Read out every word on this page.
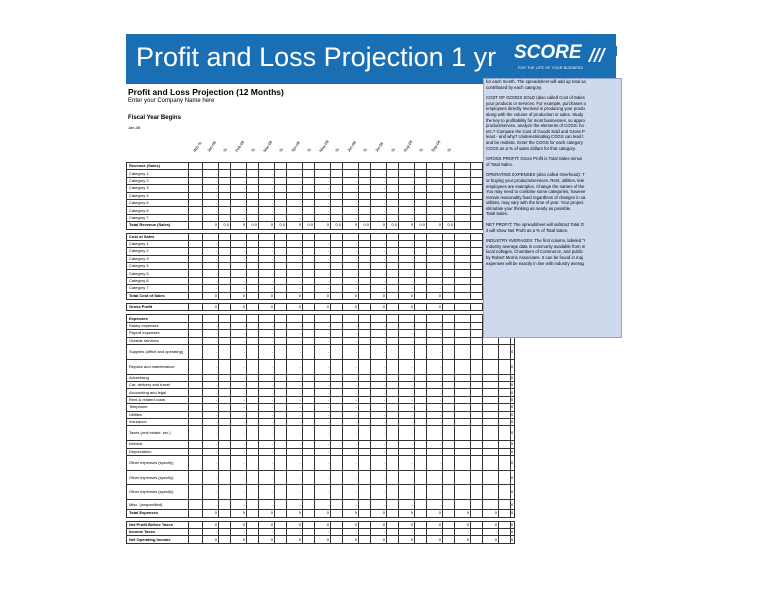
Profit and Loss Projection 1 yr SCORE
FOR THE LIFE OF YOUR BUSINESS
Profit and Loss Projection (12 Months)
Enter your Company Name here
Fiscal Year Begins
Jan-08
IND % Jan-08 % Feb-08 % Mar-08 % Apr-08 % May-08 % Jun-08 % Jul-08 % Aug-08 % Sep-08 %
Revenue (Sales)																									
Category 1		-		-		-		-		-		-		-		-		-							
Category 2		-		-		-		-		-		-		-		-		-							
Category 3		-		-		-		-		-		-		-		-		-							
Category 4		-		-		-		-		-		-		-		-		-							
Category 5		-		-		-		-		-		-		-		-		-							
Category 6		-		-		-		-		-		-		-		-		-							
Category 7		-		-		-		-		-		-		-		-		-							
Total Revenue (Sales)		0	0.0	0	0.0	0	0.0	0	0.0	0	0.0	0	0.0	0	0.0	0	0.0	0	0.0						

Cost of Sales																									
Category 1		-		-		-		-		-		-		-		-		-							
Category 2		-		-		-		-		-		-		-		-		-							
Category 3		-		-		-		-		-		-		-		-		-							
Category 4		-		-		-		-		-		-		-		-		-							
Category 5		-		-		-		-		-		-		-		-		-							
Category 6		-		-		-		-		-		-		-		-		-							
Category 7		-		-		-		-		-		-		-		-		-							
Total Cost of Sales		0		0		0		0		0		0		0		0		0							

Gross Profit		0		0		0		0		0		0		0		0		0							

Expenses																									
Salary expenses		-		-		-		-		-		-		-		-		-							
Payroll expenses		-		-		-		-		-		-		-		-		-							
Outside services		-		-		-		-		-		-		-		-		-							
Supplies (office and operating)		-		-		-		-		-		-		-		-		-						0	
Repairs and maintenance		-		-		-		-		-		-		-		-		-						0	
Advertising		-		-		-		-		-		-		-		-		-						0	
Car, delivery and travel		-		-		-		-		-		-		-		-		-						0	
Accounting and legal		-		-		-		-		-		-		-		-		-						0	
Rent & related costs		-		-		-		-		-		-		-		-		-						0	
Telephone		-		-		-		-		-		-		-		-		-						0	
Utilities		-		-		-		-		-		-		-		-		-						0	
Insurance		-		-		-		-		-		-		-		-		-						0	
Taxes (real estate, etc.)		-		-		-		-		-		-		-		-		-						0	
Interest		-		-		-		-		-		-		-		-		-						0	
Depreciation		-		-		-		-		-		-		-		-		-						0	
Other expenses (specify)		-		-		-		-		-		-		-		-		-						0	
Other expenses (specify)		-		-		-		-		-		-		-		-		-						0	
Other expenses (specify)		-		-		-		-		-		-		-		-		-						0	
Misc. (unspecified)		-		-		-		-		-		-		-		-		-						0	
Total Expenses		0		0		0		0		0		0		0		0		0		0		0		0	

Net Profit Before Taxes		0		0		0		0		0		0		0		0		0		0		0		0	
Income Taxes		-		-		-		-		-		-		-		-		-		-		-		0	
Net Operating Income		0		0		0		0		0		0		0		0		0		0		0		0	

for each month. The spreadsheet will add up total sa

contributed by each category.

COST OF GOODS SOLD (also called Cost of Sales

your products or services. For example, purchases o

employees directly involved in producing your produ

along with the volume of production or sales. Study

the key to profitability for most businesses, so appro

product/service, analyze the elements of COGS: ho

etc.? Compare the Cost of Goods Sold and Gross P

least - and why? Underestimating COGS can lead t

and be realistic. Enter the COGS for each category

COGS as a % of sales dollars for that category.

GROSS PROFIT: Gross Profit is Total Sales minus

of Total Sales.

OPERATING EXPENSES (also called Overhead): T

or buying your products/services. Rent, utilities, tele

employees are examples. Change the names of the

You may need to combine some categories, howeve

remain reasonably fixed regardless of changes in sa

utilities, may vary with the time of year. Your project

stimulate your thinking as nearly as possible.

Total Sales.

NET PROFIT: The spreadsheet will subtract Total O

it will show Net Profit as a % of Total Sales.

INDUSTRY AVERAGES: The first column, labeled "I

Industry average data is commonly available from m

local colleges, Chambers of Commerce, and public

by Robert Morris Associates. It can be found in maj

expenses will be exactly in line with industry averag
